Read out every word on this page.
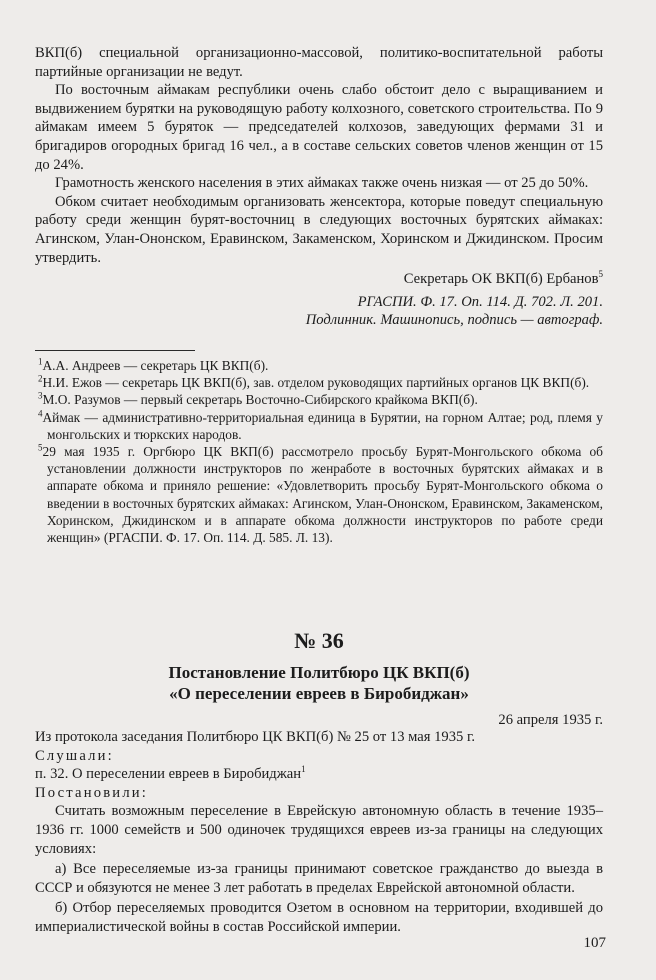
ВКП(б) специальной организационно-массовой, политико-воспитательной работы партийные организации не ведут.

По восточным аймакам республики очень слабо обстоит дело с выращиванием и выдвижением бурятки на руководящую работу колхозного, советского строительства. По 9 аймакам имеем 5 буряток — председателей колхозов, заведующих фермами 31 и бригадиров огородных бригад 16 чел., а в составе сельских советов членов женщин от 15 до 24%.

Грамотность женского населения в этих аймаках также очень низкая — от 25 до 50%.

Обком считает необходимым организовать женсектора, которые поведут специальную работу среди женщин бурят-восточниц в следующих восточных бурятских аймаках: Агинском, Улан-Ононском, Еравинском, Закаменском, Хоринском и Джидинском. Просим утвердить.

Секретарь ОК ВКП(б) Ербанов$^5$

РГАСПИ. Ф. 17. Оп. 114. Д. 702. Л. 201.

Подлинник. Машинопись, подпись — автограф.

$^1$А.А. Андреев — секретарь ЦК ВКП(б).

$^2$Н.И. Ежов — секретарь ЦК ВКП(б), зав. отделом руководящих партийных органов ЦК ВКП(б).

$^3$М.О. Разумов — первый секретарь Восточно-Сибирского крайкома ВКП(б).

$^4$Аймак — административно-территориальная единица в Бурятии, на горном Алтае; род, племя у монгольских и тюркских народов.

$^5$29 мая 1935 г. Оргбюро ЦК ВКП(б) рассмотрело просьбу Бурят-Монгольского обкома об установлении должности инструкторов по женработе в восточных бурятских аймаках и в аппарате обкома и приняло решение: «Удовлетворить просьбу Бурят-Монгольского обкома о введении в восточных бурятских аймаках: Агинском, Улан-Ононском, Еравинском, Закаменском, Хоринском, Джидинском и в аппарате обкома должности инструкторов по работе среди женщин» (РГАСПИ. Ф. 17. Оп. 114. Д. 585. Л. 13).

№ 36
Постановление Политбюро ЦК ВКП(б)
«О переселении евреев в Биробиджан»

26 апреля 1935 г.

Из протокола заседания Политбюро ЦК ВКП(б) № 25 от 13 мая 1935 г.

Слушали:

п. 32. О переселении евреев в Биробиджан$^1$

Постановили:

Считать возможным переселение в Еврейскую автономную область в течение 1935–1936 гг. 1000 семейств и 500 одиночек трудящихся евреев из-за границы на следующих условиях:

а) Все переселяемые из-за границы принимают советское гражданство до выезда в СССР и обязуются не менее 3 лет работать в пределах Еврейской автономной области.

б) Отбор переселяемых проводится Озетом в основном на территории, входившей до империалистической войны в состав Российской империи.

107
